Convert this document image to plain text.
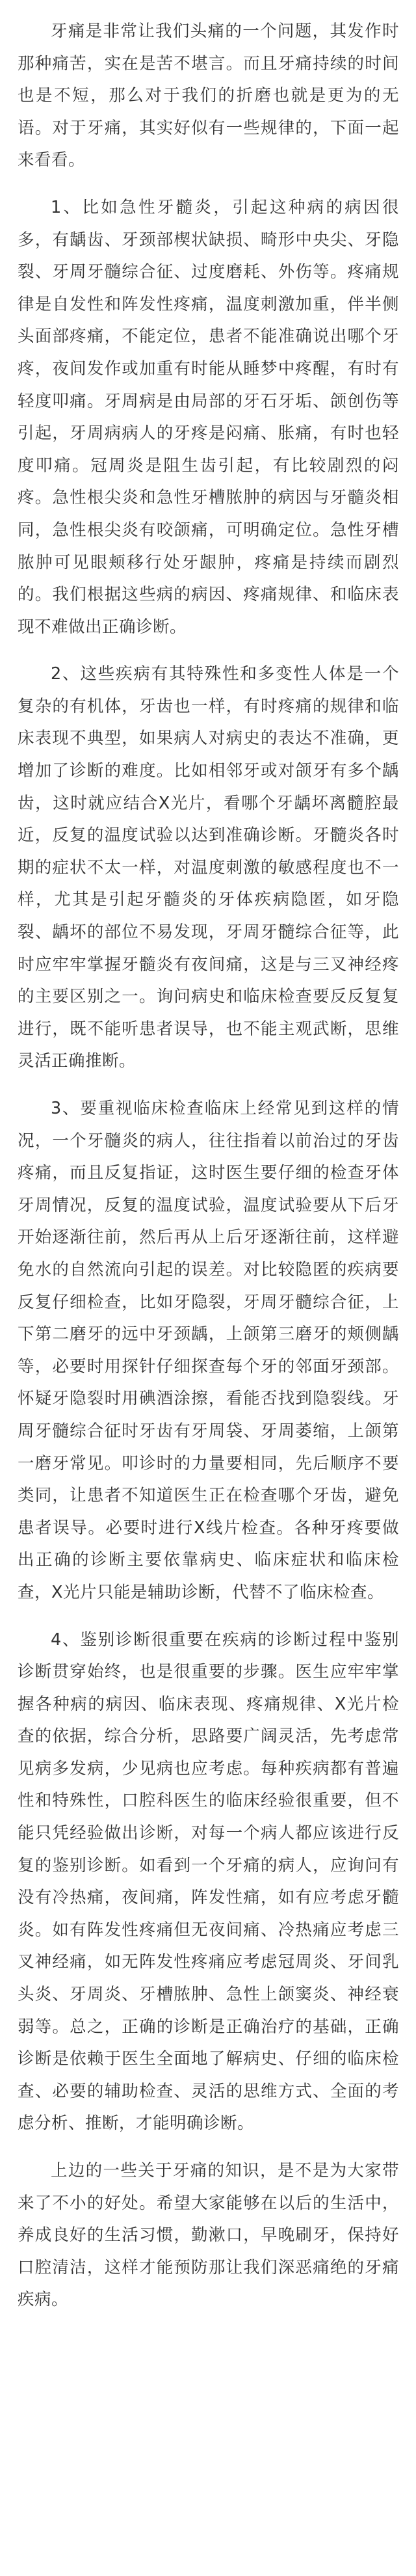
牙痛是非常让我们头痛的一个问题，其发作时那种痛苦，实在是苦不堪言。而且牙痛持续的时间也是不短，那么对于我们的折磨也就是更为的无语。对于牙痛，其实好似有一些规律的，下面一起来看看。

1、比如急性牙髓炎，引起这种病的病因很多，有龋齿、牙颈部楔状缺损、畸形中央尖、牙隐裂、牙周牙髓综合征、过度磨耗、外伤等。疼痛规律是自发性和阵发性疼痛，温度刺激加重，伴半侧头面部疼痛，不能定位，患者不能准确说出哪个牙疼，夜间发作或加重有时能从睡梦中疼醒，有时有轻度叩痛。牙周病是由局部的牙石牙垢、颌创伤等引起，牙周病病人的牙疼是闷痛、胀痛，有时也轻度叩痛。冠周炎是阻生齿引起，有比较剧烈的闷疼。急性根尖炎和急性牙槽脓肿的病因与牙髓炎相同，急性根尖炎有咬颌痛，可明确定位。急性牙槽脓肿可见眼颊移行处牙龈肿，疼痛是持续而剧烈的。我们根据这些病的病因、疼痛规律、和临床表现不难做出正确诊断。

2、这些疾病有其特殊性和多变性人体是一个复杂的有机体，牙齿也一样，有时疼痛的规律和临床表现不典型，如果病人对病史的表达不准确，更增加了诊断的难度。比如相邻牙或对颌牙有多个龋齿，这时就应结合X光片，看哪个牙龋坏离髓腔最近，反复的温度试验以达到准确诊断。牙髓炎各时期的症状不太一样，对温度刺激的敏感程度也不一样，尤其是引起牙髓炎的牙体疾病隐匿，如牙隐裂、龋坏的部位不易发现，牙周牙髓综合征等，此时应牢牢掌握牙髓炎有夜间痛，这是与三叉神经疼的主要区别之一。询问病史和临床检查要反反复复进行，既不能听患者误导，也不能主观武断，思维灵活正确推断。

3、要重视临床检查临床上经常见到这样的情况，一个牙髓炎的病人，往往指着以前治过的牙齿疼痛，而且反复指证，这时医生要仔细的检查牙体牙周情况，反复的温度试验，温度试验要从下后牙开始逐渐往前，然后再从上后牙逐渐往前，这样避免水的自然流向引起的误差。对比较隐匿的疾病要反复仔细检查，比如牙隐裂，牙周牙髓综合征，上下第二磨牙的远中牙颈龋，上颌第三磨牙的颊侧龋等，必要时用探针仔细探查每个牙的邻面牙颈部。怀疑牙隐裂时用碘酒涂擦，看能否找到隐裂线。牙周牙髓综合征时牙齿有牙周袋、牙周萎缩，上颌第一磨牙常见。叩诊时的力量要相同，先后顺序不要类同，让患者不知道医生正在检查哪个牙齿，避免患者误导。必要时进行X线片检查。各种牙疼要做出正确的诊断主要依靠病史、临床症状和临床检查，X光片只能是辅助诊断，代替不了临床检查。

4、鉴别诊断很重要在疾病的诊断过程中鉴别诊断贯穿始终，也是很重要的步骤。医生应牢牢掌握各种病的病因、临床表现、疼痛规律、X光片检查的依据，综合分析，思路要广阔灵活，先考虑常见病多发病，少见病也应考虑。每种疾病都有普遍性和特殊性，口腔科医生的临床经验很重要，但不能只凭经验做出诊断，对每一个病人都应该进行反复的鉴别诊断。如看到一个牙痛的病人，应询问有没有冷热痛，夜间痛，阵发性痛，如有应考虑牙髓炎。如有阵发性疼痛但无夜间痛、冷热痛应考虑三叉神经痛，如无阵发性疼痛应考虑冠周炎、牙间乳头炎、牙周炎、牙槽脓肿、急性上颌窦炎、神经衰弱等。总之，正确的诊断是正确治疗的基础，正确诊断是依赖于医生全面地了解病史、仔细的临床检查、必要的辅助检查、灵活的思维方式、全面的考虑分析、推断，才能明确诊断。

上边的一些关于牙痛的知识，是不是为大家带来了不小的好处。希望大家能够在以后的生活中，养成良好的生活习惯，勤漱口，早晚刷牙，保持好口腔清洁，这样才能预防那让我们深恶痛绝的牙痛疾病。
